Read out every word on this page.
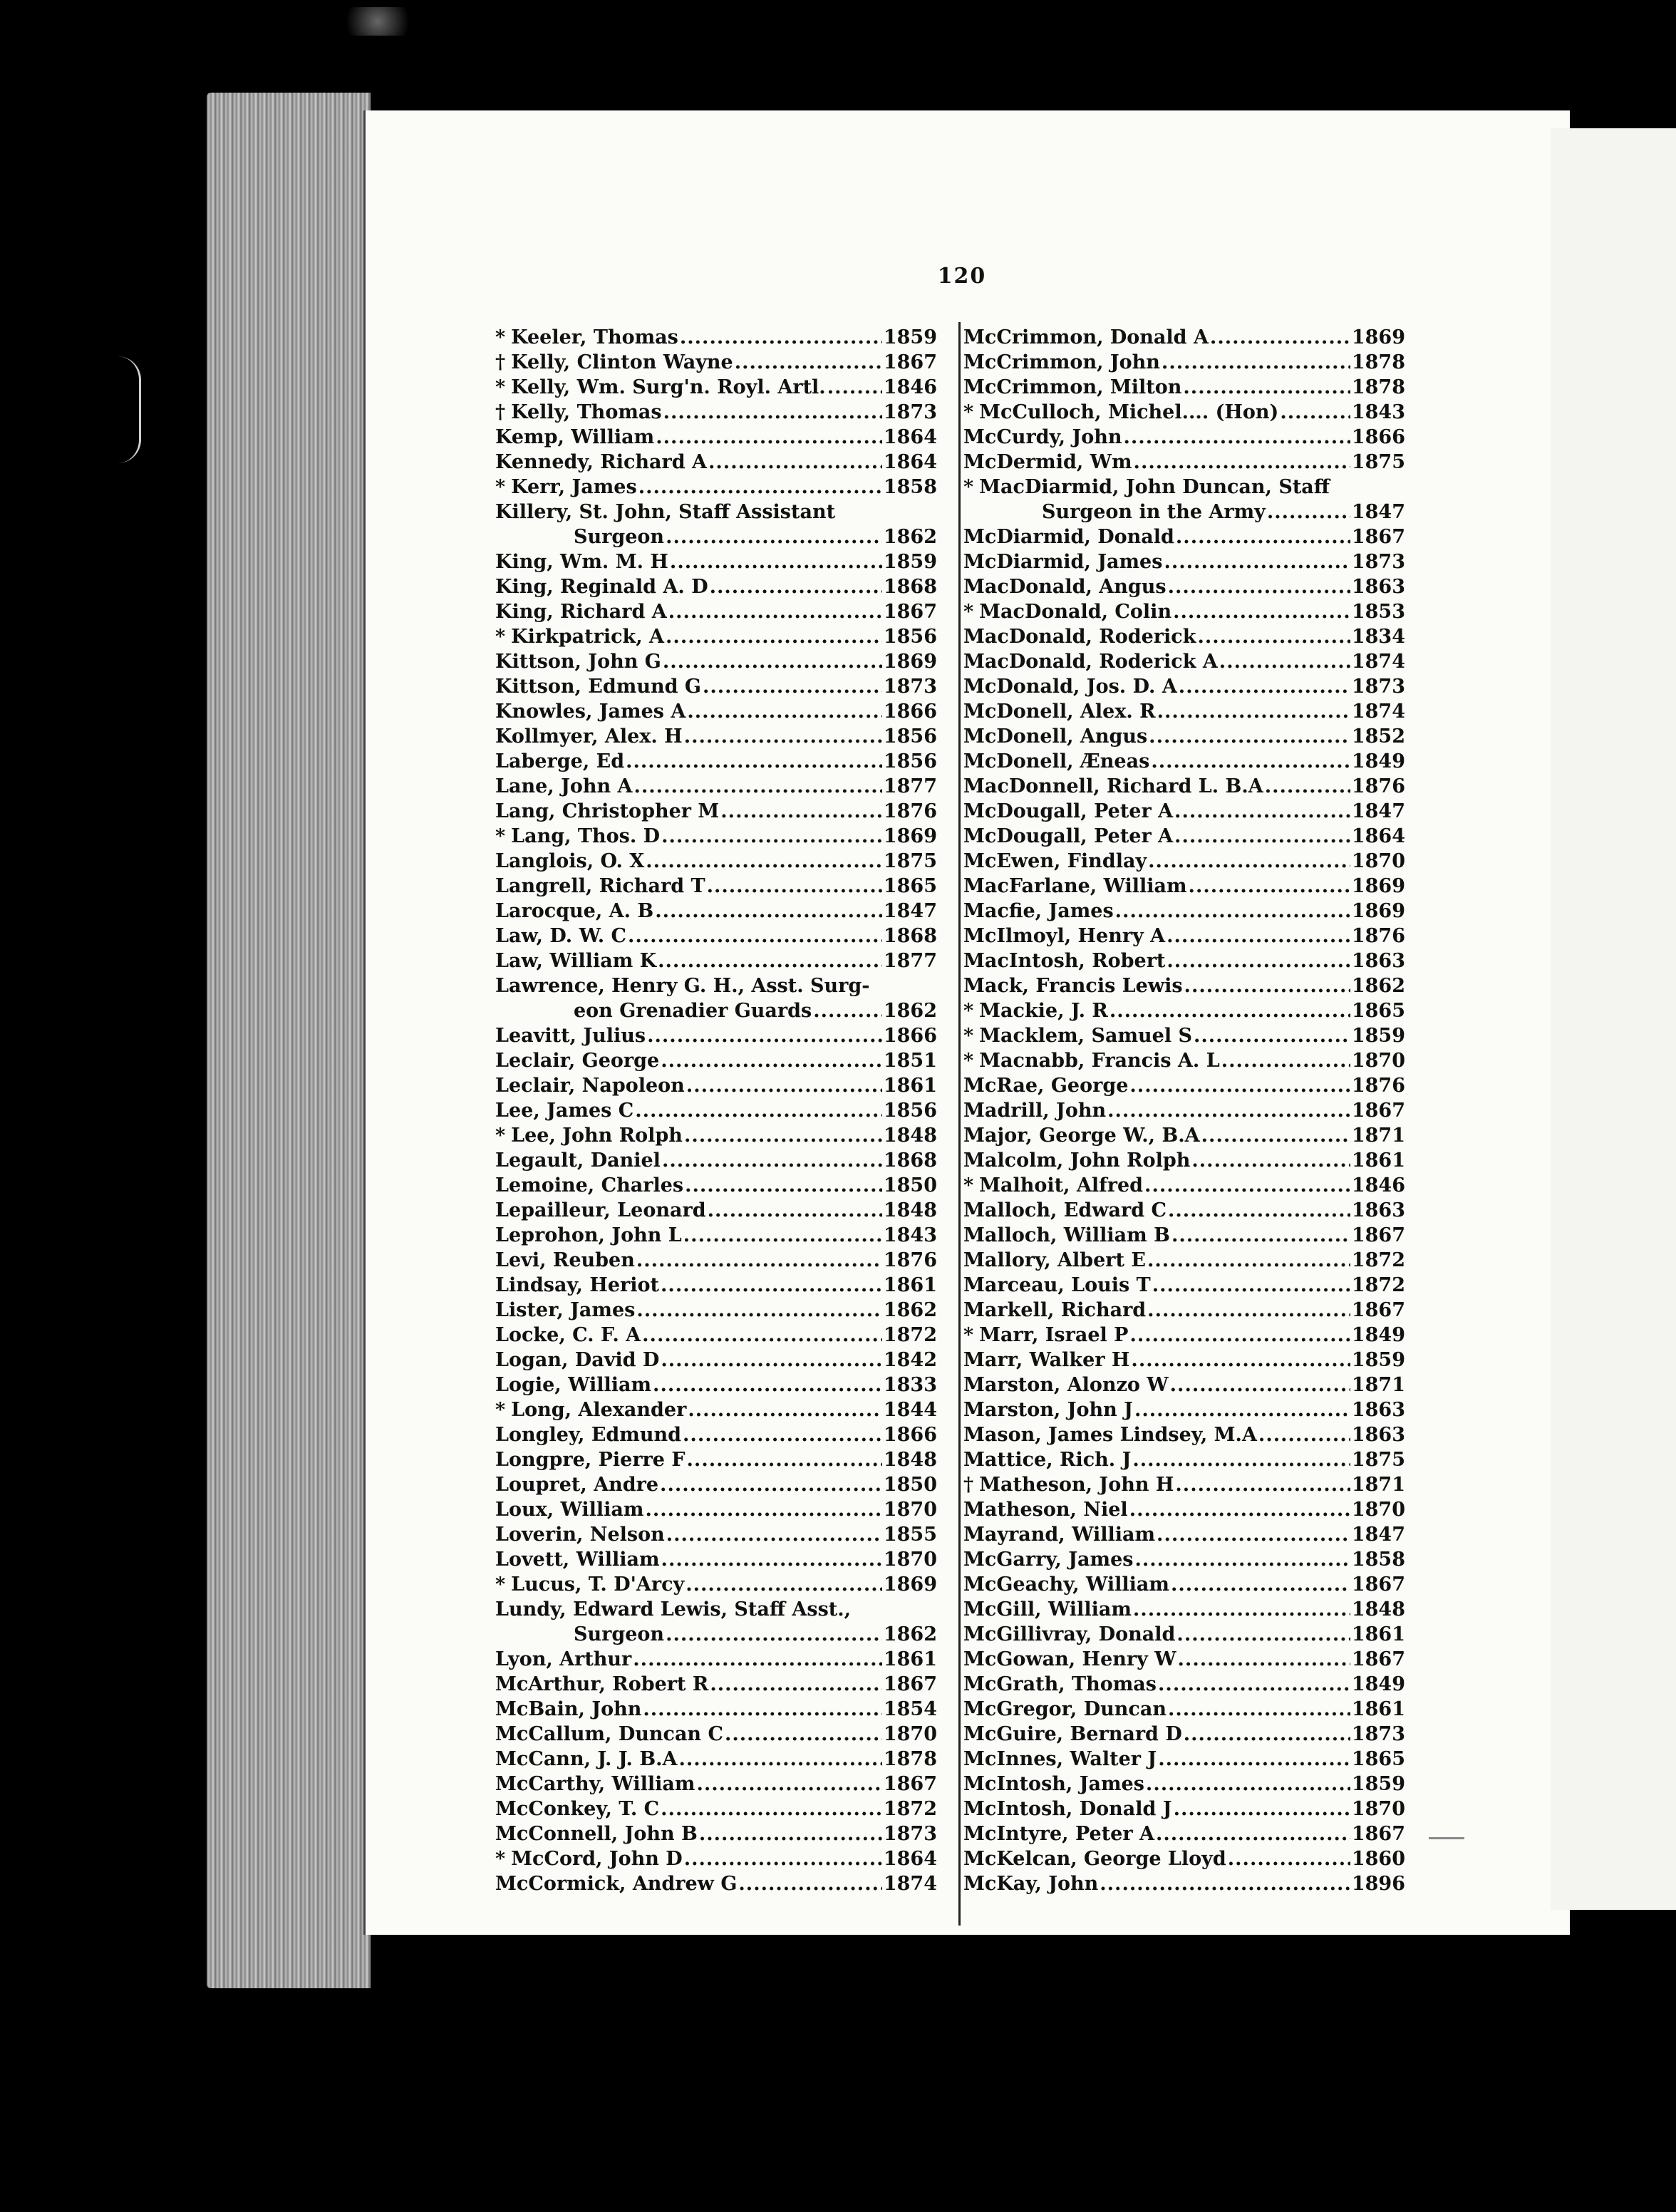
120
* Keeler, Thomas .....	1859
† Kelly, Clinton Wayne .....	1867
* Kelly, Wm. Surg'n. Royl. Artl. .....	1846
† Kelly, Thomas .....	1873
Kemp, William .....	1864
Kennedy, Richard A .....	1864
* Kerr, James .....	1858
Killery, St. John, Staff Assistant
Surgeon .....	1862
King, Wm. M. H .....	1859
King, Reginald A. D .....	1868
King, Richard A .....	1867
* Kirkpatrick, A .....	1856
Kittson, John G .....	1869
Kittson, Edmund G .....	1873
Knowles, James A .....	1866
Kollmyer, Alex. H .....	1856
Laberge, Ed .....	1856
Lane, John A .....	1877
Lang, Christopher M .....	1876
* Lang, Thos. D .....	1869
Langlois, O. X .....	1875
Langrell, Richard T .....	1865
Larocque, A. B .....	1847
Law, D. W. C .....	1868
Law, William K .....	1877
Lawrence, Henry G. H., Asst. Surg-
eon Grenadier Guards .....	1862
Leavitt, Julius .....	1866
Leclair, George .....	1851
Leclair, Napoleon .....	1861
Lee, James C .....	1856
* Lee, John Rolph .....	1848
Legault, Daniel .....	1868
Lemoine, Charles .....	1850
Lepailleur, Leonard .....	1848
Leprohon, John L .....	1843
Levi, Reuben .....	1876
Lindsay, Heriot .....	1861
Lister, James .....	1862
Locke, C. F. A .....	1872
Logan, David D .....	1842
Logie, William .....	1833
* Long, Alexander .....	1844
Longley, Edmund .....	1866
Longpre, Pierre F .....	1848
Loupret, Andre .....	1850
Loux, William .....	1870
Loverin, Nelson .....	1855
Lovett, William .....	1870
* Lucus, T. D'Arcy .....	1869
Lundy, Edward Lewis, Staff Asst.,
Surgeon .....	1862
Lyon, Arthur .....	1861
McArthur, Robert R .....	1867
McBain, John .....	1854
McCallum, Duncan C .....	1870
McCann, J. J. B.A .....	1878
McCarthy, William .....	1867
McConkey, T. C .....	1872
McConnell, John B .....	1873
* McCord, John D .....	1864
McCormick, Andrew G .....	1874
McCrimmon, Donald A .....	1869
McCrimmon, John .....	1878
McCrimmon, Milton .....	1878
* McCulloch, Michel.... (Hon) .....	1843
McCurdy, John .....	1866
McDermid, Wm .....	1875
* MacDiarmid, John Duncan, Staff
Surgeon in the Army .....	1847
McDiarmid, Donald .....	1867
McDiarmid, James .....	1873
MacDonald, Angus .....	1863
* MacDonald, Colin .....	1853
MacDonald, Roderick .....	1834
MacDonald, Roderick A .....	1874
McDonald, Jos. D. A .....	1873
McDonell, Alex. R .....	1874
McDonell, Angus .....	1852
McDonell, Æneas .....	1849
MacDonnell, Richard L. B.A .....	1876
McDougall, Peter A .....	1847
McDougall, Peter A .....	1864
McEwen, Findlay .....	1870
MacFarlane, William .....	1869
Macfie, James .....	1869
McIlmoyl, Henry A .....	1876
MacIntosh, Robert .....	1863
Mack, Francis Lewis .....	1862
* Mackie, J. R .....	1865
* Macklem, Samuel S .....	1859
* Macnabb, Francis A. L .....	1870
McRae, George .....	1876
Madrill, John .....	1867
Major, George W., B.A .....	1871
Malcolm, John Rolph .....	1861
* Malhoit, Alfred .....	1846
Malloch, Edward C .....	1863
Malloch, William B .....	1867
Mallory, Albert E .....	1872
Marceau, Louis T .....	1872
Markell, Richard .....	1867
* Marr, Israel P .....	1849
Marr, Walker H .....	1859
Marston, Alonzo W .....	1871
Marston, John J .....	1863
Mason, James Lindsey, M.A .....	1863
Mattice, Rich. J .....	1875
† Matheson, John H .....	1871
Matheson, Niel .....	1870
Mayrand, William .....	1847
McGarry, James .....	1858
McGeachy, William .....	1867
McGill, William .....	1848
McGillivray, Donald .....	1861
McGowan, Henry W .....	1867
McGrath, Thomas .....	1849
McGregor, Duncan .....	1861
McGuire, Bernard D .....	1873
McInnes, Walter J .....	1865
McIntosh, James .....	1859
McIntosh, Donald J .....	1870
McIntyre, Peter A .....	1867
McKelcan, George Lloyd .....	1860
McKay, John .....	1896
